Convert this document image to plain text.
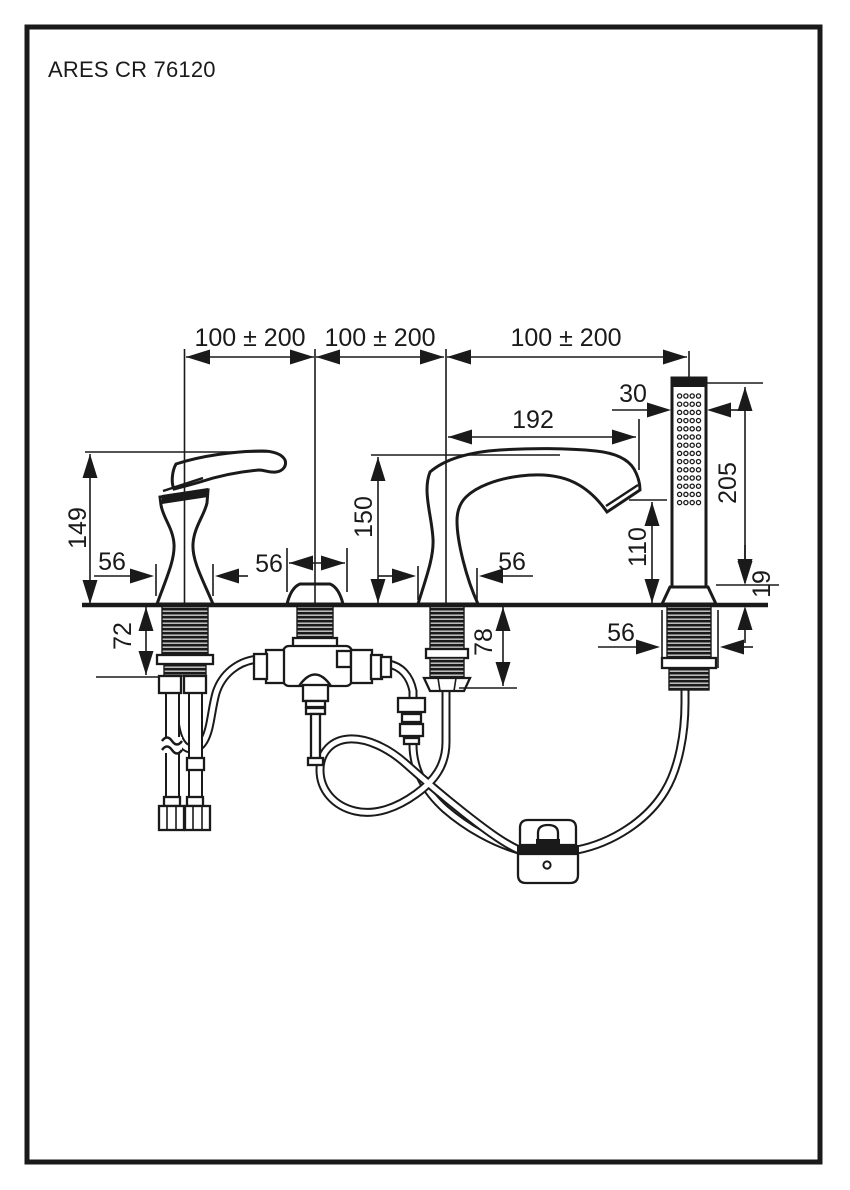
ARES CR 76120
100 ± 200 100 ± 200	100 ± 200
192
30
149	150
110
205
19
72	78
56	56	56
56
